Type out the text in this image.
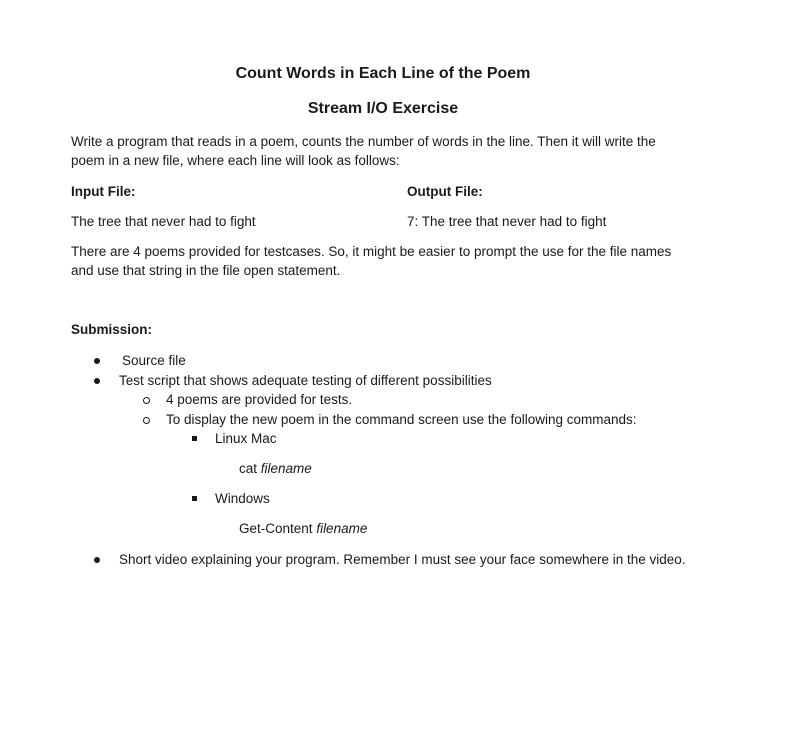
Count Words in Each Line of the Poem
Stream I/O Exercise
Write a program that reads in a poem, counts the number of words in the line. Then it will write the
poem in a new file, where each line will look as follows:
Input File:	Output File:
The tree that never had to fight	7: The tree that never had to fight
There are 4 poems provided for testcases. So, it might be easier to prompt the use for the file names
and use that string in the file open statement.
Submission:
Source file
Test script that shows adequate testing of different possibilities
4 poems are provided for tests.
To display the new poem in the command screen use the following commands:
Linux Mac
cat filename
Windows
Get-Content filename
Short video explaining your program. Remember I must see your face somewhere in the video.
